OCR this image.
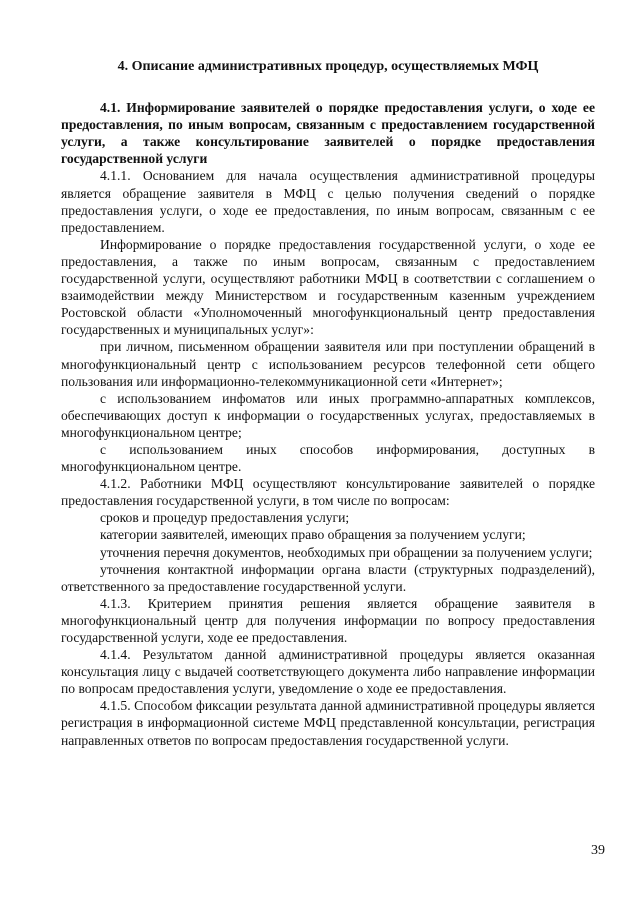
4. Описание административных процедур, осуществляемых МФЦ
4.1. Информирование заявителей о порядке предоставления услуги, о ходе ее предоставления, по иным вопросам, связанным с предоставлением государственной услуги, а также консультирование заявителей о порядке предоставления государственной услуги
4.1.1. Основанием для начала осуществления административной процедуры является обращение заявителя в МФЦ с целью получения сведений о порядке предоставления услуги, о ходе ее предоставления, по иным вопросам, связанным с ее предоставлением.
Информирование о порядке предоставления государственной услуги, о ходе ее предоставления, а также по иным вопросам, связанным с предоставлением государственной услуги, осуществляют работники МФЦ в соответствии с соглашением о взаимодействии между Министерством и государственным казенным учреждением Ростовской области «Уполномоченный многофункциональный центр предоставления государственных и муниципальных услуг»:
при личном, письменном обращении заявителя или при поступлении обращений в многофункциональный центр с использованием ресурсов телефонной сети общего пользования или информационно-телекоммуникационной сети «Интернет»;
с использованием инфоматов или иных программно-аппаратных комплексов, обеспечивающих доступ к информации о государственных услугах, предоставляемых в многофункциональном центре;
с использованием иных способов информирования, доступных в многофункциональном центре.
4.1.2. Работники МФЦ осуществляют консультирование заявителей о порядке предоставления государственной услуги, в том числе по вопросам:
сроков и процедур предоставления услуги;
категории заявителей, имеющих право обращения за получением услуги;
уточнения перечня документов, необходимых при обращении за получением услуги;
уточнения контактной информации органа власти (структурных подразделений), ответственного за предоставление государственной услуги.
4.1.3. Критерием принятия решения является обращение заявителя в многофункциональный центр для получения информации по вопросу предоставления государственной услуги, ходе ее предоставления.
4.1.4. Результатом данной административной процедуры является оказанная консультация лицу с выдачей соответствующего документа либо направление информации по вопросам предоставления услуги, уведомление о ходе ее предоставления.
4.1.5. Способом фиксации результата данной административной процедуры является регистрация в информационной системе МФЦ представленной консультации, регистрация направленных ответов по вопросам предоставления государственной услуги.
39
